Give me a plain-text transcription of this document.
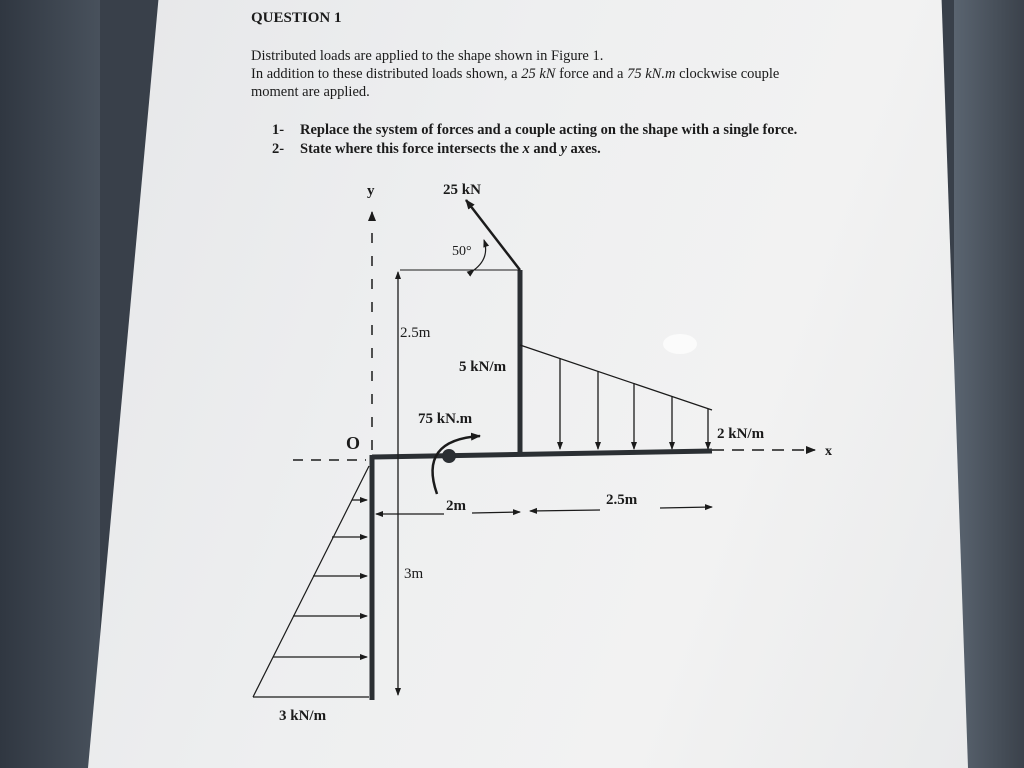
QUESTION 1
Distributed loads are applied to the shape shown in Figure 1.
In addition to these distributed loads shown, a 25 kN force and a 75 kN.m clockwise couple
moment are applied.
1- Replace the system of forces and a couple acting on the shape with a single force.
2- State where this force intersects the x and y axes.
y
x
O
25 kN
50°
2.5m
5 kN/m
2 kN/m
75 kN.m
2m	2.5m
3m
3 kN/m
